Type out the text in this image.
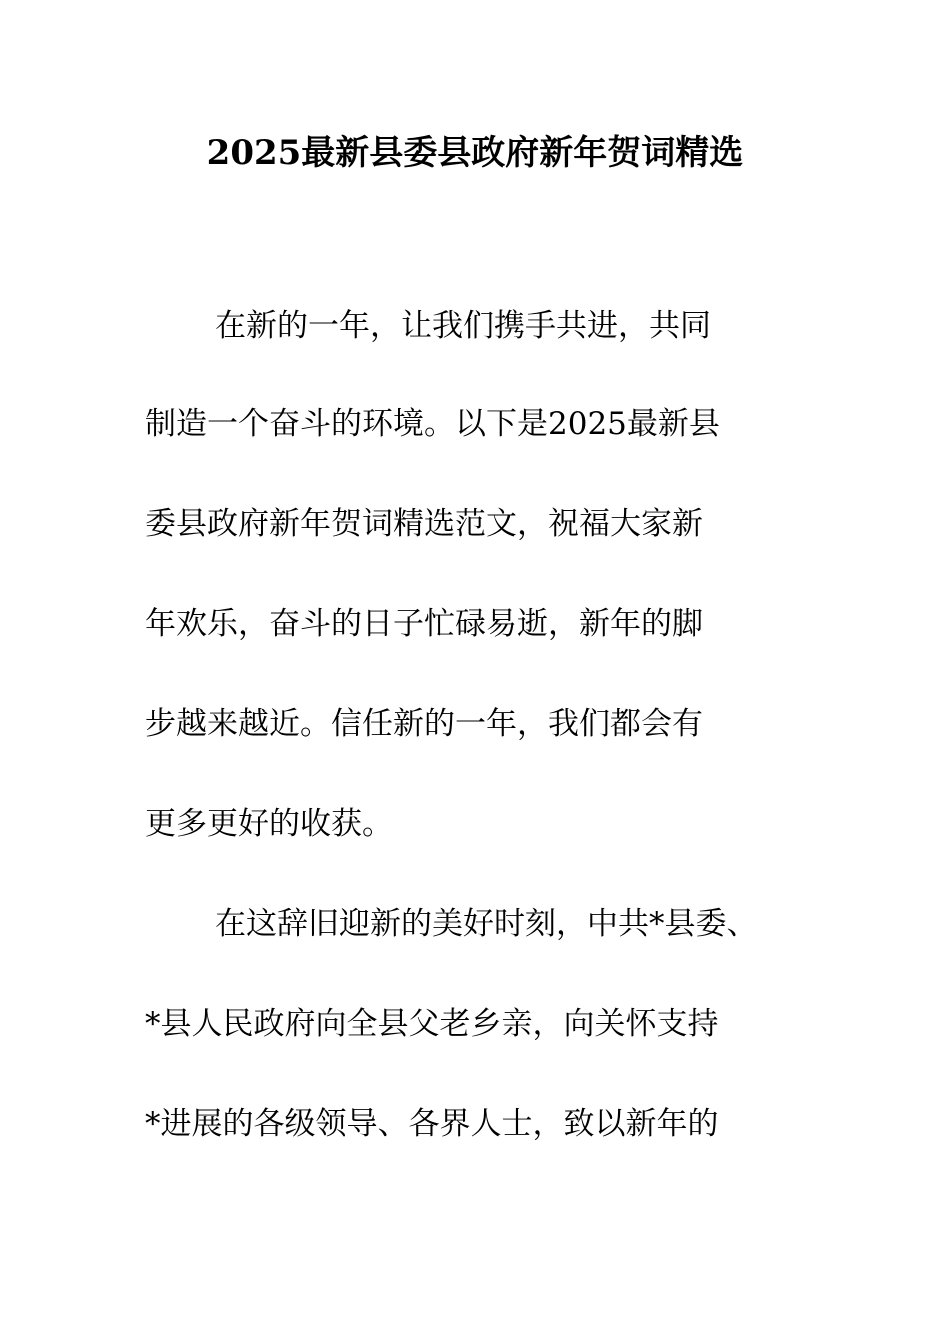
2025最新县委县政府新年贺词精选
在新的一年，让我们携手共进，共同
制造一个奋斗的环境。以下是2025最新县
委县政府新年贺词精选范文，祝福大家新
年欢乐，奋斗的日子忙碌易逝，新年的脚
步越来越近。信任新的一年，我们都会有
更多更好的收获。
在这辞旧迎新的美好时刻，中共*县委、
*县人民政府向全县父老乡亲，向关怀支持
*进展的各级领导、各界人士，致以新年的
